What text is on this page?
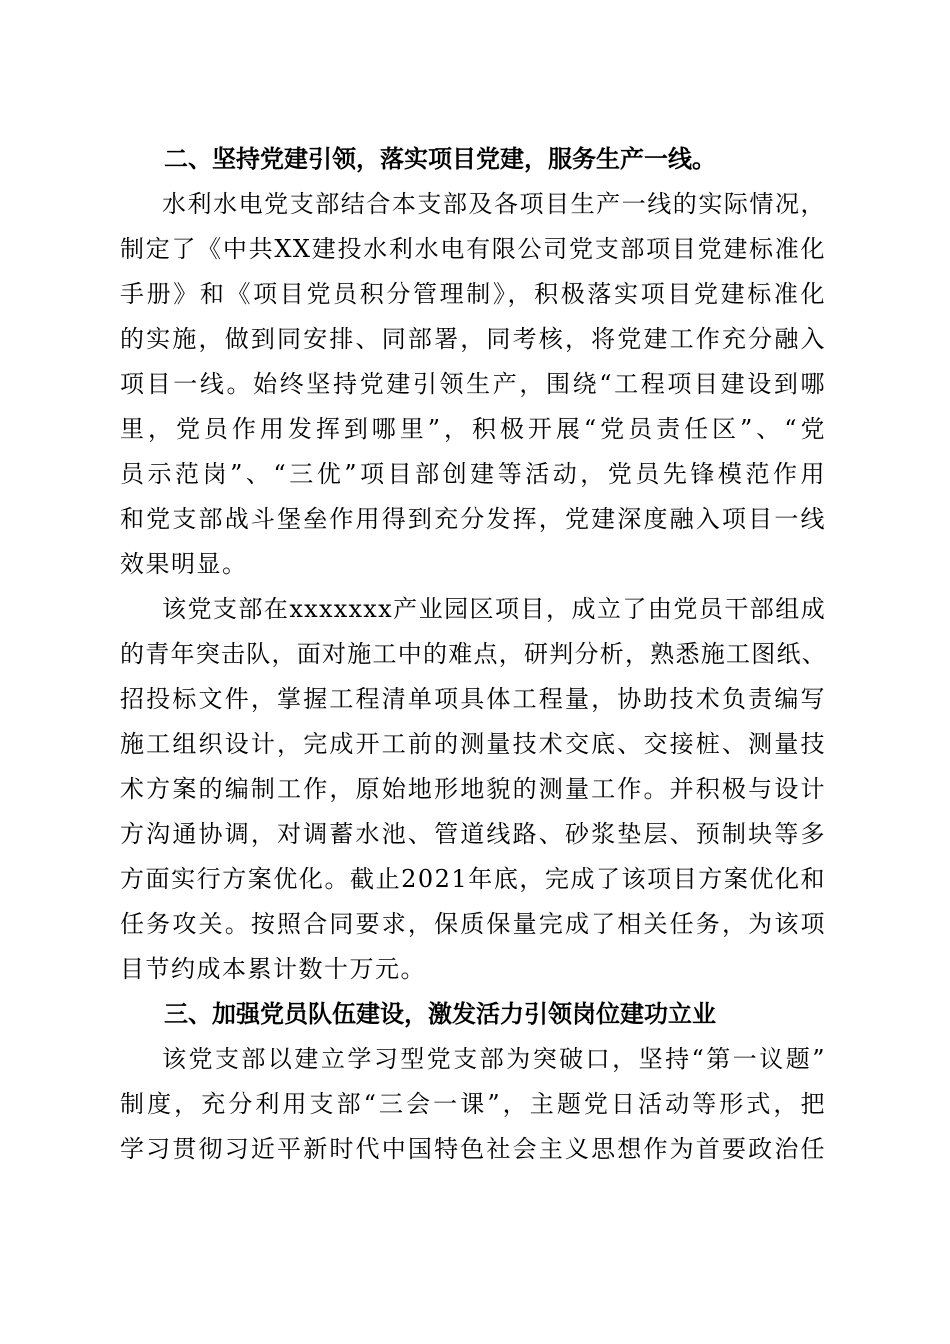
二、坚持党建引领，落实项目党建，服务生产一线。

水利水电党支部结合本支部及各项目生产一线的实际情况，
制定了《中共XX建投水利水电有限公司党支部项目党建标准化
手册》和《项目党员积分管理制》，积极落实项目党建标准化
的实施，做到同安排、同部署，同考核，将党建工作充分融入
项目一线。始终坚持党建引领生产，围绕“工程项目建设到哪
里，党员作用发挥到哪里”，积极开展“党员责任区”、“党
员示范岗”、“三优”项目部创建等活动，党员先锋模范作用
和党支部战斗堡垒作用得到充分发挥，党建深度融入项目一线
效果明显。
该党支部在xxxxxxx产业园区项目，成立了由党员干部组成
的青年突击队，面对施工中的难点，研判分析，熟悉施工图纸、
招投标文件，掌握工程清单项具体工程量，协助技术负责编写
施工组织设计，完成开工前的测量技术交底、交接桩、测量技
术方案的编制工作，原始地形地貌的测量工作。并积极与设计
方沟通协调，对调蓄水池、管道线路、砂浆垫层、预制块等多
方面实行方案优化。截止2021年底，完成了该项目方案优化和
任务攻关。按照合同要求，保质保量完成了相关任务，为该项
目节约成本累计数十万元。

三、加强党员队伍建设，激发活力引领岗位建功立业

该党支部以建立学习型党支部为突破口，坚持“第一议题”
制度，充分利用支部“三会一课”，主题党日活动等形式，把
学习贯彻习近平新时代中国特色社会主义思想作为首要政治任
